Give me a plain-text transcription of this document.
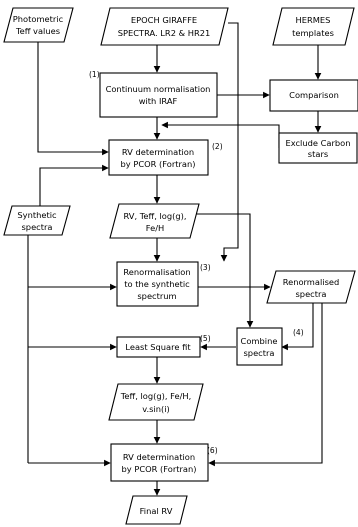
Photometric
Teff values
EPOCH GIRAFFE
SPECTRA. LR2 & HR21
HERMES
templates
Continuum normalisation
with IRAF
Comparison
Exclude Carbon
stars
RV determination
by PCOR (Fortran)
Synthetic
spectra
RV, Teff, log(g),
Fe/H
Renormalisation
to the synthetic
spectrum
Renormalised
spectra
Combine
spectra
Least Square fit
Teff, log(g), Fe/H,
v.sin(i)
RV determination
by PCOR (Fortran)
Final RV
(1)
(2)
(3)
(4)
(5)
(6)
